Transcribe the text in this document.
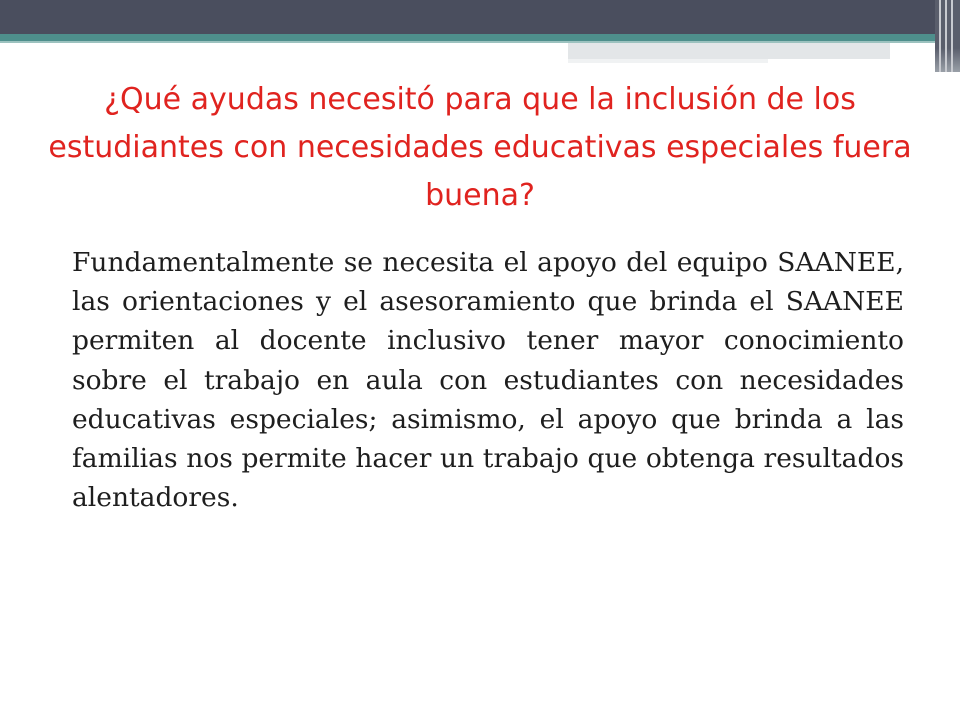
¿Qué ayudas necesitó para que la inclusión de los estudiantes con necesidades educativas especiales fuera buena?

Fundamentalmente se necesita el apoyo del equipo SAANEE, las orientaciones y el asesoramiento que brinda el SAANEE permiten al docente inclusivo tener mayor conocimiento sobre el trabajo en aula con estudiantes con necesidades educativas especiales; asimismo, el apoyo que brinda a las familias nos permite hacer un trabajo que obtenga resultados alentadores.
